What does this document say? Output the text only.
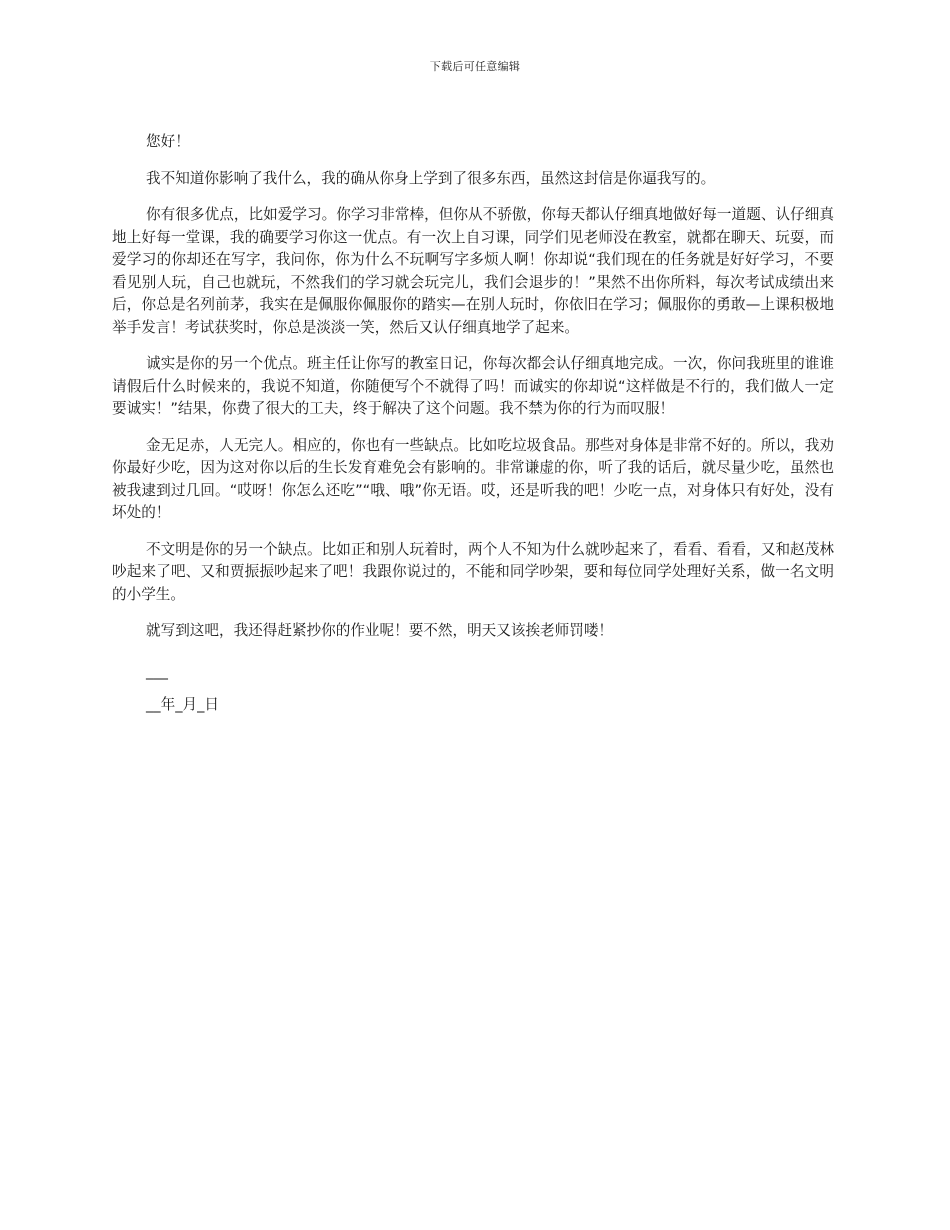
下载后可任意编辑

您好！

我不知道你影响了我什么，我的确从你身上学到了很多东西，虽然这封信是你逼我写的。

你有很多优点，比如爱学习。你学习非常棒，但你从不骄傲，你每天都认仔细真地做好每一道题、认仔细真地上好每一堂课，我的确要学习你这一优点。有一次上自习课，同学们见老师没在教室，就都在聊天、玩耍，而爱学习的你却还在写字，我问你，你为什么不玩啊写字多烦人啊！你却说“我们现在的任务就是好好学习，不要看见别人玩，自己也就玩，不然我们的学习就会玩完儿，我们会退步的！”果然不出你所料，每次考试成绩出来后，你总是名列前茅，我实在是佩服你佩服你的踏实—在别人玩时，你依旧在学习；佩服你的勇敢—上课积极地举手发言！考试获奖时，你总是淡淡一笑，然后又认仔细真地学了起来。

诚实是你的另一个优点。班主任让你写的教室日记，你每次都会认仔细真地完成。一次，你问我班里的谁谁请假后什么时候来的，我说不知道，你随便写个不就得了吗！而诚实的你却说“这样做是不行的，我们做人一定要诚实！”结果，你费了很大的工夫，终于解决了这个问题。我不禁为你的行为而叹服！

金无足赤，人无完人。相应的，你也有一些缺点。比如吃垃圾食品。那些对身体是非常不好的。所以，我劝你最好少吃，因为这对你以后的生长发育难免会有影响的。非常谦虚的你，听了我的话后，就尽量少吃，虽然也被我逮到过几回。“哎呀！你怎么还吃”“哦、哦”你无语。哎，还是听我的吧！少吃一点，对身体只有好处，没有坏处的！

不文明是你的另一个缺点。比如正和别人玩着时，两个人不知为什么就吵起来了，看看、看看，又和赵茂林吵起来了吧、又和贾振振吵起来了吧！我跟你说过的，不能和同学吵架，要和每位同学处理好关系，做一名文明的小学生。

就写到这吧，我还得赶紧抄你的作业呢！要不然，明天又该挨老师罚喽！

___

__年_月_日
